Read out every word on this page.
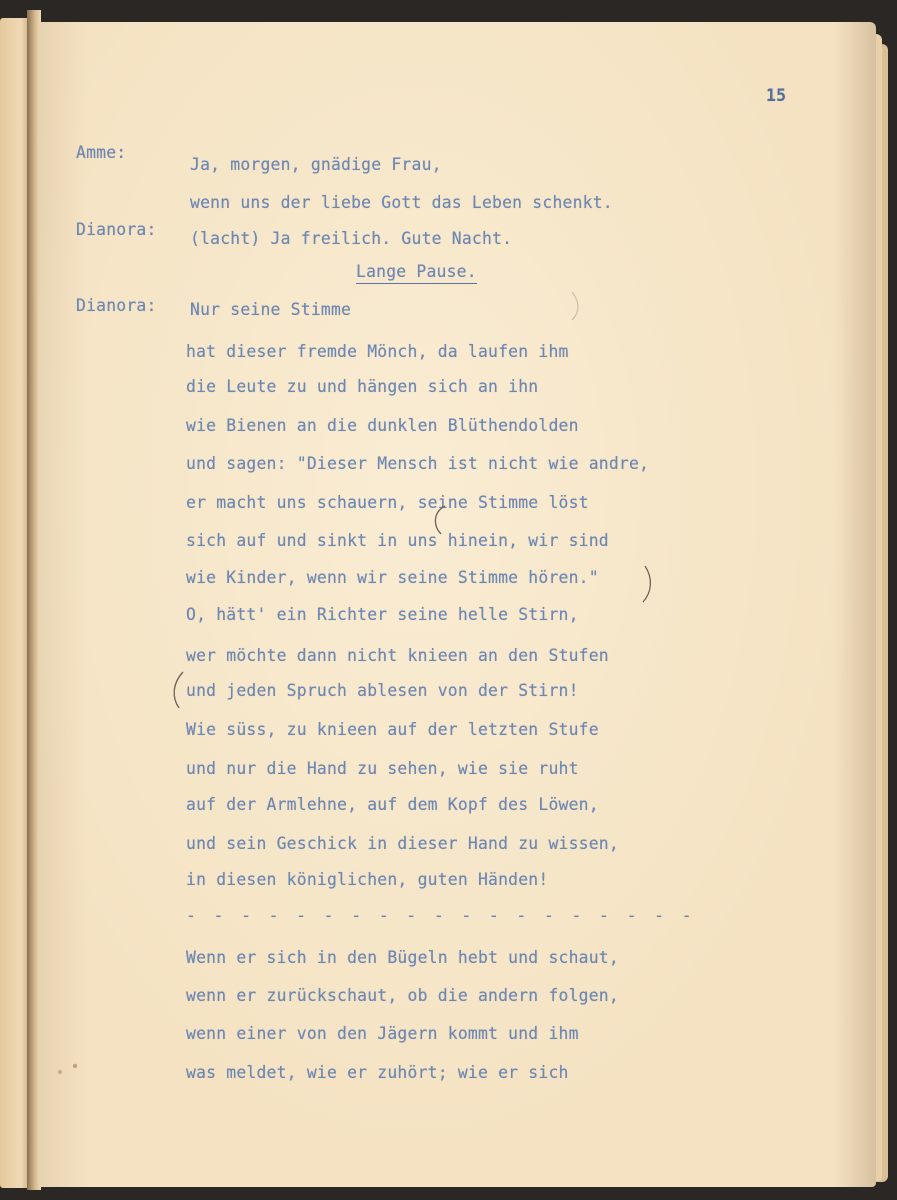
15
Amme:
Ja, morgen, gnädige Frau,
wenn uns der liebe Gott das Leben schenkt.
Dianora: (lacht) Ja freilich. Gute Nacht.
Lange Pause.
Dianora: Nur seine Stimme
hat dieser fremde Mönch, da laufen ihm
die Leute zu und hängen sich an ihn
wie Bienen an die dunklen Blüthendolden
und sagen: "Dieser Mensch ist nicht wie andre,
er macht uns schauern, seine Stimme löst
sich auf und sinkt in uns hinein, wir sind
wie Kinder, wenn wir seine Stimme hören."
O, hätt' ein Richter seine helle Stirn,
wer möchte dann nicht knieen an den Stufen
und jeden Spruch ablesen von der Stirn!
Wie süss, zu knieen auf der letzten Stufe
und nur die Hand zu sehen, wie sie ruht
auf der Armlehne, auf dem Kopf des Löwen,
und sein Geschick in dieser Hand zu wissen,
in diesen königlichen, guten Händen!
- - - - - - - - - - - - - - - - - - -
Wenn er sich in den Bügeln hebt und schaut,
wenn er zurückschaut, ob die andern folgen,
wenn einer von den Jägern kommt und ihm
was meldet, wie er zuhört; wie er sich
